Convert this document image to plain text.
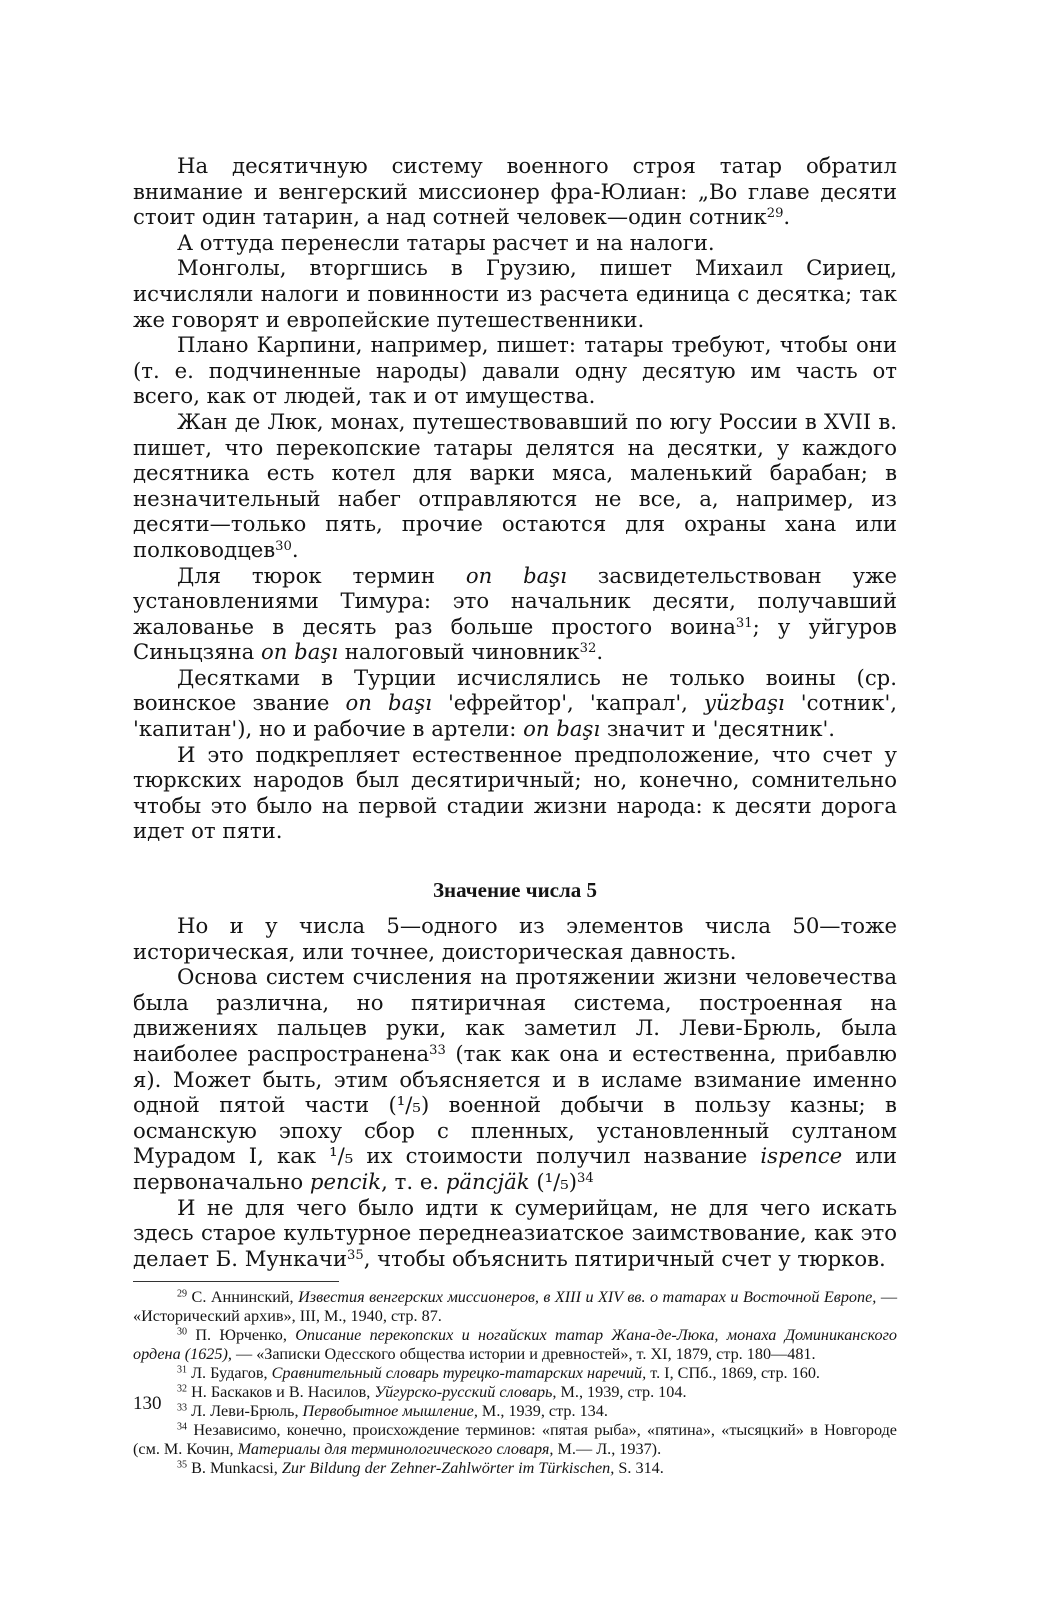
На десятичную систему военного строя татар обратил внимание и венгерский миссионер фра-Юлиан: „Во главе десяти стоит один татарин, а над сотней человек—один сотник$^{29}$.

А оттуда перенесли татары расчет и на налоги.

Монголы, вторгшись в Грузию, пишет Михаил Сириец, исчисляли налоги и повинности из расчета единица с десятка; так же говорят и европейские путешественники.

Плано Карпини, например, пишет: татары требуют, чтобы они (т. е. подчиненные народы) давали одну десятую им часть от всего, как от людей, так и от имущества.

Жан де Люк, монах, путешествовавший по югу России в XVII в. пишет, что перекопские татары делятся на десятки, у каждого десятника есть котел для варки мяса, маленький барабан; в незначительный набег отправляются не все, а, например, из десяти—только пять, прочие остаются для охраны хана или полководцев$^{30}$.

Для тюрок термин on başı засвидетельствован уже установлениями Тимура: это начальник десяти, получавший жалованье в десять раз больше простого воина$^{31}$; у уйгуров Синьцзяна on başı налоговый чиновник$^{32}$.

Десятками в Турции исчислялись не только воины (ср. воинское звание on başı 'ефрейтор', 'капрал', yüzbaşı 'сотник', 'капитан'), но и рабочие в артели: on başı значит и 'десятник'.

И это подкрепляет естественное предположение, что счет у тюркских народов был десятиричный; но, конечно, сомнительно чтобы это было на первой стадии жизни народа: к десяти дорога идет от пяти.

Значение числа 5

Но и у числа 5—одного из элементов числа 50—тоже историческая, или точнее, доисторическая давность.

Основа систем счисления на протяжении жизни человечества была различна, но пятиричная система, построенная на движениях пальцев руки, как заметил Л. Леви-Брюль, была наиболее распространена$^{33}$ (так как она и естественна, прибавлю я). Может быть, этим объясняется и в исламе взимание именно одной пятой части (¹/₅) военной добычи в пользу казны; в османскую эпоху сбор с пленных, установленный султаном Мурадом I, как ¹/₅ их стоимости получил название ispence или первоначально pencik, т. е. päncjäk $(^1/_5)^{34}$

И не для чего было идти к сумерийцам, не для чего искать здесь старое культурное переднеазиатское заимствование, как это делает Б. Мункачи$^{35}$, чтобы объяснить пятиричный счет у тюрков.

$^{29}$ С. Аннинский, Известия венгерских миссионеров, в XIII и XIV вв. о татарах и Восточной Европе, — «Исторический архив», III, М., 1940, стр. 87.

$^{30}$ П. Юрченко, Описание перекопских и ногайских татар Жана-де-Люка, монаха Доминиканского ордена (1625), — «Записки Одесского общества истории и древностей», т. XI, 1879, стр. 180—481.

$^{31}$ Л. Будагов, Сравнительный словарь турецко-татарских наречий, т. I, СПб., 1869, стр. 160.

$^{32}$ Н. Баскаков и В. Насилов, Уйгурско-русский словарь, М., 1939, стр. 104.

$^{33}$ Л. Леви-Брюль, Первобытное мышление, М., 1939, стр. 134.

$^{34}$ Независимо, конечно, происхождение терминов: «пятая рыба», «пятина», «тысяцкий» в Новгороде (см. М. Кочин, Материалы для терминологического словаря, М.— Л., 1937).

$^{35}$ B. Munkacsi, Zur Bildung der Zehner-Zahlwörter im Türkischen, S. 314.

130
